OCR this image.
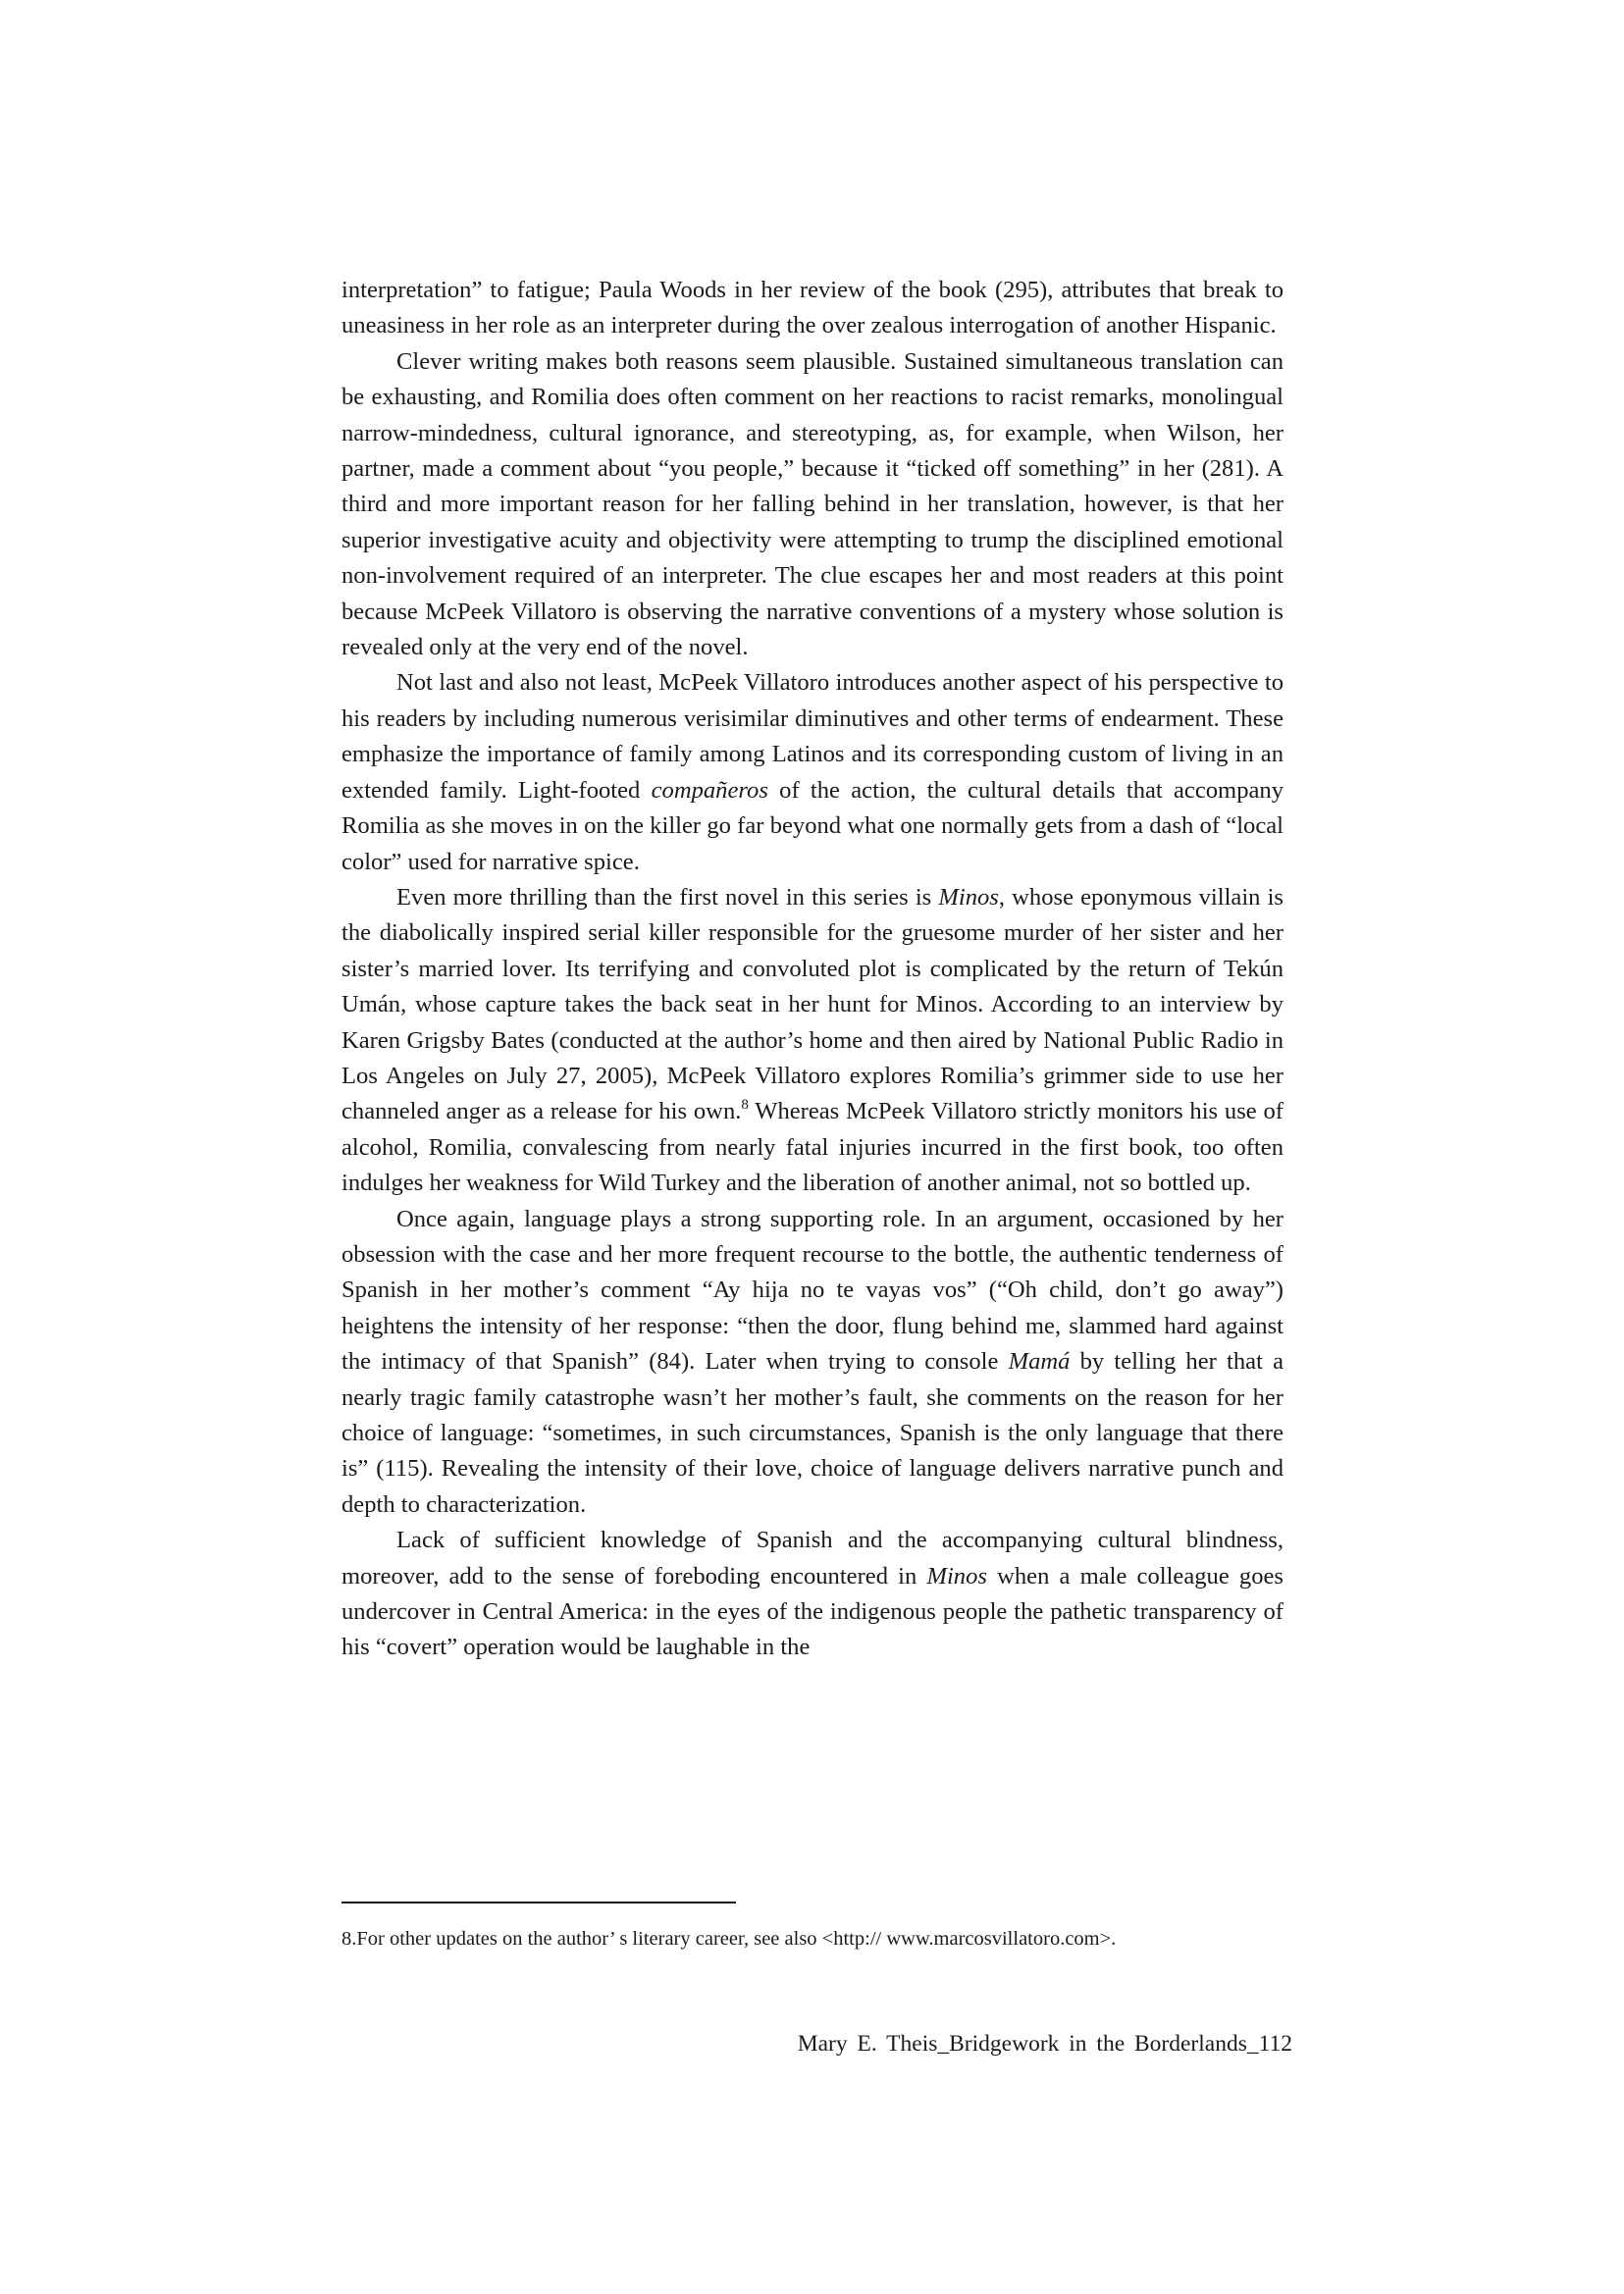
interpretation” to fatigue; Paula Woods in her review of the book (295), attributes that break to uneasiness in her role as an interpreter during the over zealous interrogation of another Hispanic.

Clever writing makes both reasons seem plausible. Sustained simultaneous translation can be exhausting, and Romilia does often comment on her reactions to racist remarks, monolingual narrow-mindedness, cultural ignorance, and stereotyping, as, for example, when Wilson, her partner, made a comment about “you people,” because it “ticked off something” in her (281). A third and more important reason for her falling behind in her translation, however, is that her superior investigative acuity and objectivity were attempting to trump the disciplined emotional non-involvement required of an interpreter. The clue escapes her and most readers at this point because McPeek Villatoro is observing the narrative conventions of a mystery whose solution is revealed only at the very end of the novel.

Not last and also not least, McPeek Villatoro introduces another aspect of his perspective to his readers by including numerous verisimilar diminutives and other terms of endearment. These emphasize the importance of family among Latinos and its corresponding custom of living in an extended family. Light-footed compañeros of the action, the cultural details that accompany Romilia as she moves in on the killer go far beyond what one normally gets from a dash of “local color” used for narrative spice.

Even more thrilling than the first novel in this series is Minos, whose eponymous villain is the diabolically inspired serial killer responsible for the gruesome murder of her sister and her sister’s married lover. Its terrifying and convoluted plot is complicated by the return of Tekún Umán, whose capture takes the back seat in her hunt for Minos. According to an interview by Karen Grigsby Bates (conducted at the author’s home and then aired by National Public Radio in Los Angeles on July 27, 2005), McPeek Villatoro explores Romilia’s grimmer side to use her channeled anger as a release for his own.$^8$ Whereas McPeek Villatoro strictly monitors his use of alcohol, Romilia, convalescing from nearly fatal injuries incurred in the first book, too often indulges her weakness for Wild Turkey and the liberation of another animal, not so bottled up.

Once again, language plays a strong supporting role. In an argument, occasioned by her obsession with the case and her more frequent recourse to the bottle, the authentic tenderness of Spanish in her mother’s comment “Ay hija no te vayas vos” (“Oh child, don’t go away”) heightens the intensity of her response: “then the door, flung behind me, slammed hard against the intimacy of that Spanish” (84). Later when trying to console Mamá by telling her that a nearly tragic family catastrophe wasn’t her mother’s fault, she comments on the reason for her choice of language: “sometimes, in such circumstances, Spanish is the only language that there is” (115). Revealing the intensity of their love, choice of language delivers narrative punch and depth to characterization.

Lack of sufficient knowledge of Spanish and the accompanying cultural blindness, moreover, add to the sense of foreboding encountered in Minos when a male colleague goes undercover in Central America: in the eyes of the indigenous people the pathetic transparency of his “covert” operation would be laughable in the

8.For other updates on the author’ s literary career, see also <http:// www.marcosvillatoro.com>.
Mary E. Theis_Bridgework in the Borderlands_112
